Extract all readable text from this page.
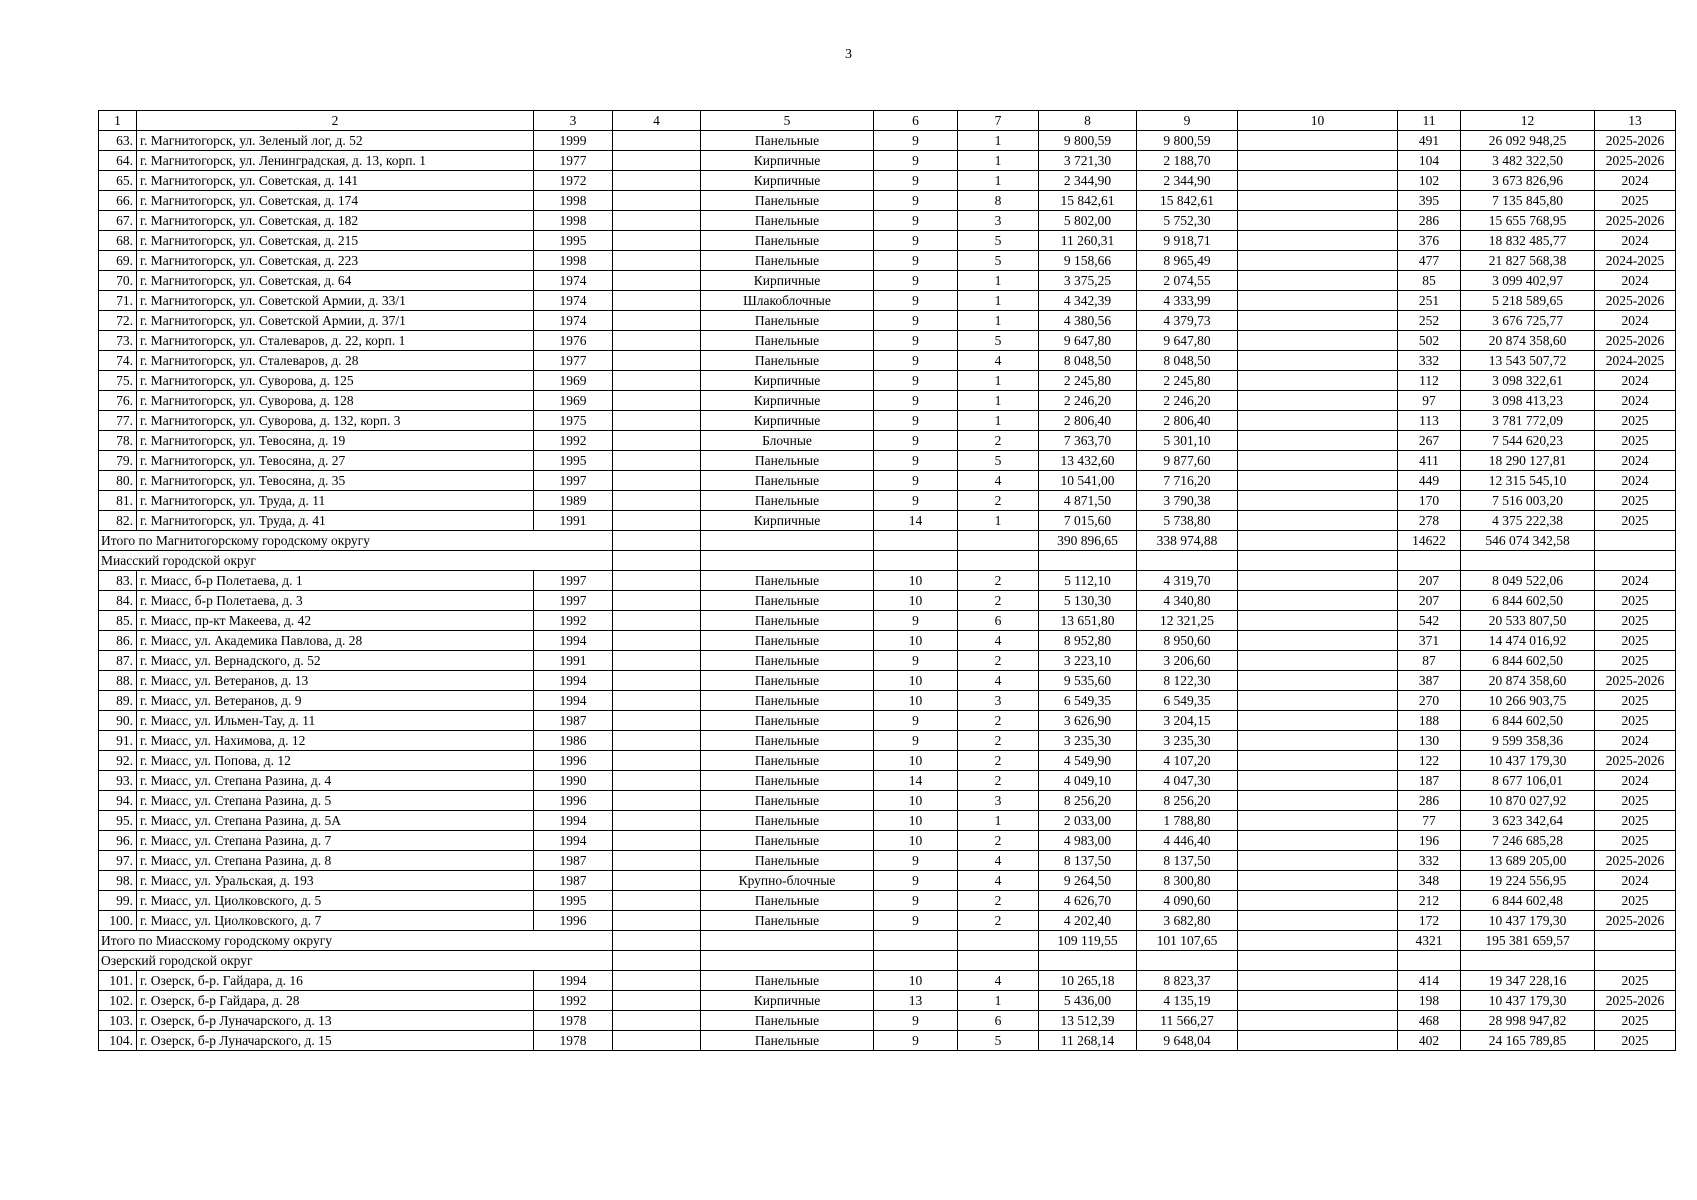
3
1	2	3	4	5	6	7	8	9	10	11	12	13
63.	г. Магнитогорск, ул. Зеленый лог, д. 52	1999		Панельные	9	1	9 800,59	9 800,59		491	26 092 948,25	2025-2026
64.	г. Магнитогорск, ул. Ленинградская, д. 13, корп. 1	1977		Кирпичные	9	1	3 721,30	2 188,70		104	3 482 322,50	2025-2026
65.	г. Магнитогорск, ул. Советская, д. 141	1972		Кирпичные	9	1	2 344,90	2 344,90		102	3 673 826,96	2024
66.	г. Магнитогорск, ул. Советская, д. 174	1998		Панельные	9	8	15 842,61	15 842,61		395	7 135 845,80	2025
67.	г. Магнитогорск, ул. Советская, д. 182	1998		Панельные	9	3	5 802,00	5 752,30		286	15 655 768,95	2025-2026
68.	г. Магнитогорск, ул. Советская, д. 215	1995		Панельные	9	5	11 260,31	9 918,71		376	18 832 485,77	2024
69.	г. Магнитогорск, ул. Советская, д. 223	1998		Панельные	9	5	9 158,66	8 965,49		477	21 827 568,38	2024-2025
70.	г. Магнитогорск, ул. Советская, д. 64	1974		Кирпичные	9	1	3 375,25	2 074,55		85	3 099 402,97	2024
71.	г. Магнитогорск, ул. Советской Армии, д. 33/1	1974		Шлакоблочные	9	1	4 342,39	4 333,99		251	5 218 589,65	2025-2026
72.	г. Магнитогорск, ул. Советской Армии, д. 37/1	1974		Панельные	9	1	4 380,56	4 379,73		252	3 676 725,77	2024
73.	г. Магнитогорск, ул. Сталеваров, д. 22, корп. 1	1976		Панельные	9	5	9 647,80	9 647,80		502	20 874 358,60	2025-2026
74.	г. Магнитогорск, ул. Сталеваров, д. 28	1977		Панельные	9	4	8 048,50	8 048,50		332	13 543 507,72	2024-2025
75.	г. Магнитогорск, ул. Суворова, д. 125	1969		Кирпичные	9	1	2 245,80	2 245,80		112	3 098 322,61	2024
76.	г. Магнитогорск, ул. Суворова, д. 128	1969		Кирпичные	9	1	2 246,20	2 246,20		97	3 098 413,23	2024
77.	г. Магнитогорск, ул. Суворова, д. 132, корп. 3	1975		Кирпичные	9	1	2 806,40	2 806,40		113	3 781 772,09	2025
78.	г. Магнитогорск, ул. Тевосяна, д. 19	1992		Блочные	9	2	7 363,70	5 301,10		267	7 544 620,23	2025
79.	г. Магнитогорск, ул. Тевосяна, д. 27	1995		Панельные	9	5	13 432,60	9 877,60		411	18 290 127,81	2024
80.	г. Магнитогорск, ул. Тевосяна, д. 35	1997		Панельные	9	4	10 541,00	7 716,20		449	12 315 545,10	2024
81.	г. Магнитогорск, ул. Труда, д. 11	1989		Панельные	9	2	4 871,50	3 790,38		170	7 516 003,20	2025
82.	г. Магнитогорск, ул. Труда, д. 41	1991		Кирпичные	14	1	7 015,60	5 738,80		278	4 375 222,38	2025
Итого по Магнитогорскому городскому округу							390 896,65	338 974,88		14622	546 074 342,58	
Миасский городской округ												
83.	г. Миасс, б-р Полетаева, д. 1	1997		Панельные	10	2	5 112,10	4 319,70		207	8 049 522,06	2024
84.	г. Миасс, б-р Полетаева, д. 3	1997		Панельные	10	2	5 130,30	4 340,80		207	6 844 602,50	2025
85.	г. Миасс, пр-кт Макеева, д. 42	1992		Панельные	9	6	13 651,80	12 321,25		542	20 533 807,50	2025
86.	г. Миасс, ул. Академика Павлова, д. 28	1994		Панельные	10	4	8 952,80	8 950,60		371	14 474 016,92	2025
87.	г. Миасс, ул. Вернадского, д. 52	1991		Панельные	9	2	3 223,10	3 206,60		87	6 844 602,50	2025
88.	г. Миасс, ул. Ветеранов, д. 13	1994		Панельные	10	4	9 535,60	8 122,30		387	20 874 358,60	2025-2026
89.	г. Миасс, ул. Ветеранов, д. 9	1994		Панельные	10	3	6 549,35	6 549,35		270	10 266 903,75	2025
90.	г. Миасс, ул. Ильмен-Тау, д. 11	1987		Панельные	9	2	3 626,90	3 204,15		188	6 844 602,50	2025
91.	г. Миасс, ул. Нахимова, д. 12	1986		Панельные	9	2	3 235,30	3 235,30		130	9 599 358,36	2024
92.	г. Миасс, ул. Попова, д. 12	1996		Панельные	10	2	4 549,90	4 107,20		122	10 437 179,30	2025-2026
93.	г. Миасс, ул. Степана Разина, д. 4	1990		Панельные	14	2	4 049,10	4 047,30		187	8 677 106,01	2024
94.	г. Миасс, ул. Степана Разина, д. 5	1996		Панельные	10	3	8 256,20	8 256,20		286	10 870 027,92	2025
95.	г. Миасс, ул. Степана Разина, д. 5А	1994		Панельные	10	1	2 033,00	1 788,80		77	3 623 342,64	2025
96.	г. Миасс, ул. Степана Разина, д. 7	1994		Панельные	10	2	4 983,00	4 446,40		196	7 246 685,28	2025
97.	г. Миасс, ул. Степана Разина, д. 8	1987		Панельные	9	4	8 137,50	8 137,50		332	13 689 205,00	2025-2026
98.	г. Миасс, ул. Уральская, д. 193	1987		Крупно-блочные	9	4	9 264,50	8 300,80		348	19 224 556,95	2024
99.	г. Миасс, ул. Циолковского, д. 5	1995		Панельные	9	2	4 626,70	4 090,60		212	6 844 602,48	2025
100.	г. Миасс, ул. Циолковского, д. 7	1996		Панельные	9	2	4 202,40	3 682,80		172	10 437 179,30	2025-2026
Итого по Миасскому городскому округу							109 119,55	101 107,65		4321	195 381 659,57	
Озерский городской округ												
101.	г. Озерск, б-р. Гайдара, д. 16	1994		Панельные	10	4	10 265,18	8 823,37		414	19 347 228,16	2025
102.	г. Озерск, б-р Гайдара, д. 28	1992		Кирпичные	13	1	5 436,00	4 135,19		198	10 437 179,30	2025-2026
103.	г. Озерск, б-р Луначарского, д. 13	1978		Панельные	9	6	13 512,39	11 566,27		468	28 998 947,82	2025
104.	г. Озерск, б-р Луначарского, д. 15	1978		Панельные	9	5	11 268,14	9 648,04		402	24 165 789,85	2025
